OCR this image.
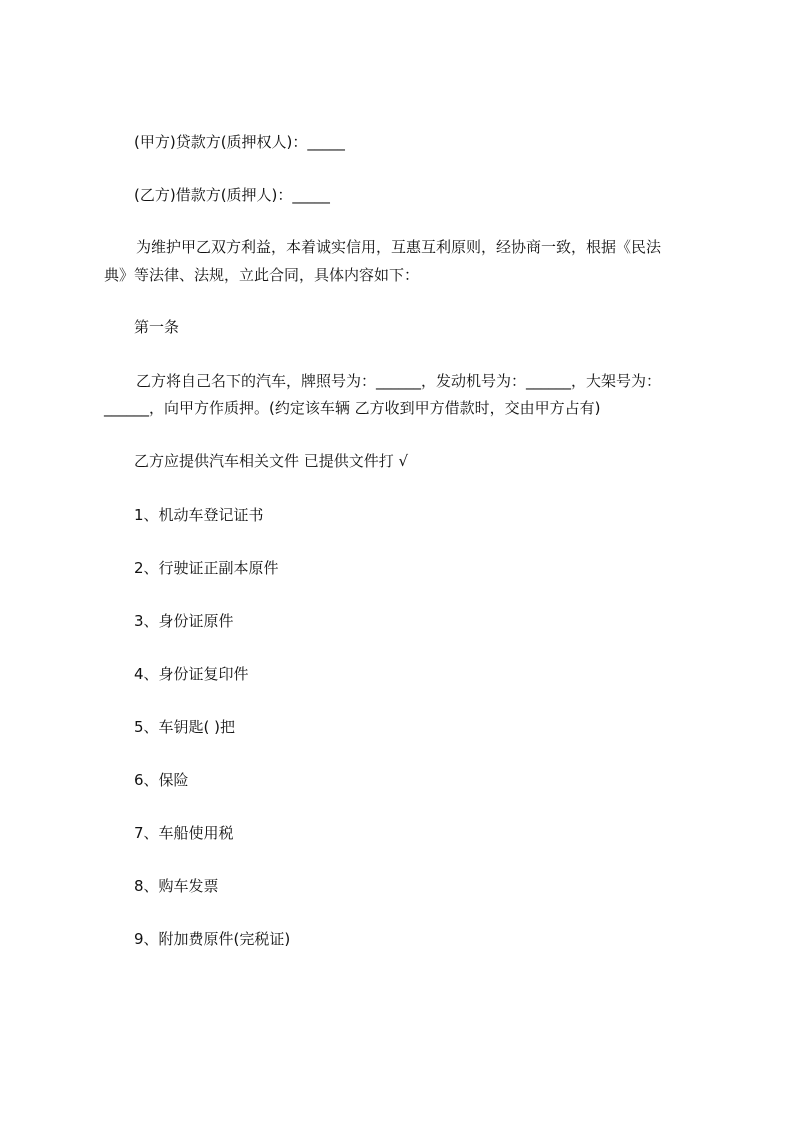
(甲方)贷款方(质押权人)：_____
(乙方)借款方(质押人)：_____
为维护甲乙双方利益，本着诚实信用，互惠互利原则，经协商一致，根据《民法
典》等法律、法规，立此合同，具体内容如下：
第一条
乙方将自己名下的汽车，牌照号为：______，发动机号为：______，大架号为：
______，向甲方作质押。(约定该车辆 乙方收到甲方借款时，交由甲方占有)
乙方应提供汽车相关文件 已提供文件打 √
1、机动车登记证书
2、行驶证正副本原件
3、身份证原件
4、身份证复印件
5、车钥匙( )把
6、保险
7、车船使用税
8、购车发票
9、附加费原件(完税证)
